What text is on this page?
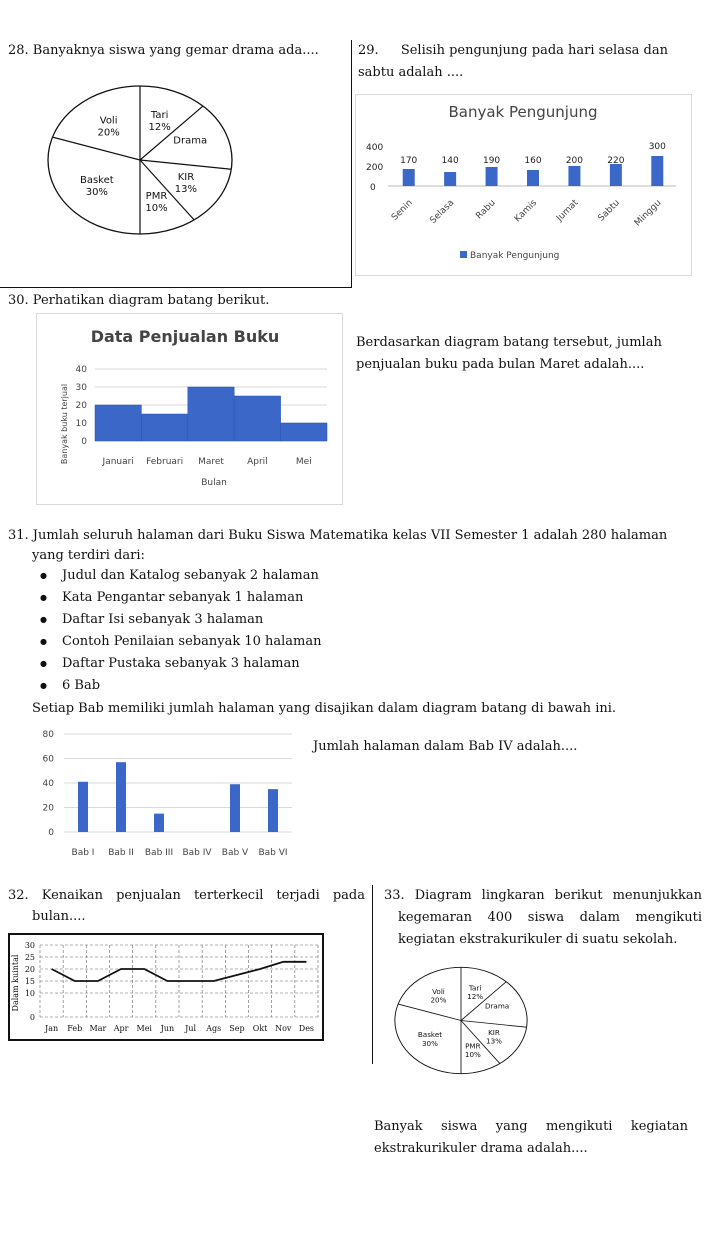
28. Banyaknya siswa yang gemar drama ada....
Tari
12%
Drama
KIR
13%
PMR
10%
Basket
30%
Voli
20%
29. Selisih pengunjung pada hari selasa dan
sabtu adalah ....
Banyak Pengunjung
400
200
0
170
Senin
140
Selasa
190
Rabu
160
Kamis
200
Jumat
220
Sabtu
300
Minggu
Banyak Pengunjung
30. Perhatikan diagram batang berikut.
Data Penjualan Buku
Banyak buku terjual 0
10
20
30
40
Januari Februari Maret	April	Mei
Bulan
Berdasarkan diagram batang tersebut, jumlah
penjualan buku pada bulan Maret adalah....
31. Jumlah seluruh halaman dari Buku Siswa Matematika kelas VII Semester 1 adalah 280 halaman
yang terdiri dari:
● Judul dan Katalog sebanyak 2 halaman
● Kata Pengantar sebanyak 1 halaman
● Daftar Isi sebanyak 3 halaman
● Contoh Penilaian sebanyak 10 halaman
● Daftar Pustaka sebanyak 3 halaman
● 6 Bab
Setiap Bab memiliki jumlah halaman yang disajikan dalam diagram batang di bawah ini.
0
20
40
60
80
Bab I Bab II Bab III Bab IV Bab V Bab VI
Jumlah halaman dalam Bab IV adalah....
32. Kenaikan penjualan terterkecil terjadi pada
bulan....
Dalam kuintal
0
10
15
20
25
30
Jan Feb Mar Apr Mei Jun Jul Ags Sep Okt Nov Des
33. Diagram lingkaran berikut menunjukkan
kegemaran 400 siswa dalam mengikuti
kegiatan ekstrakurikuler di suatu sekolah.
Tari
12%
Drama
KIR
13%
PMR
10%
Basket
30%
Voli
20%
Banyak siswa yang mengikuti kegiatan
ekstrakurikuler drama adalah....
